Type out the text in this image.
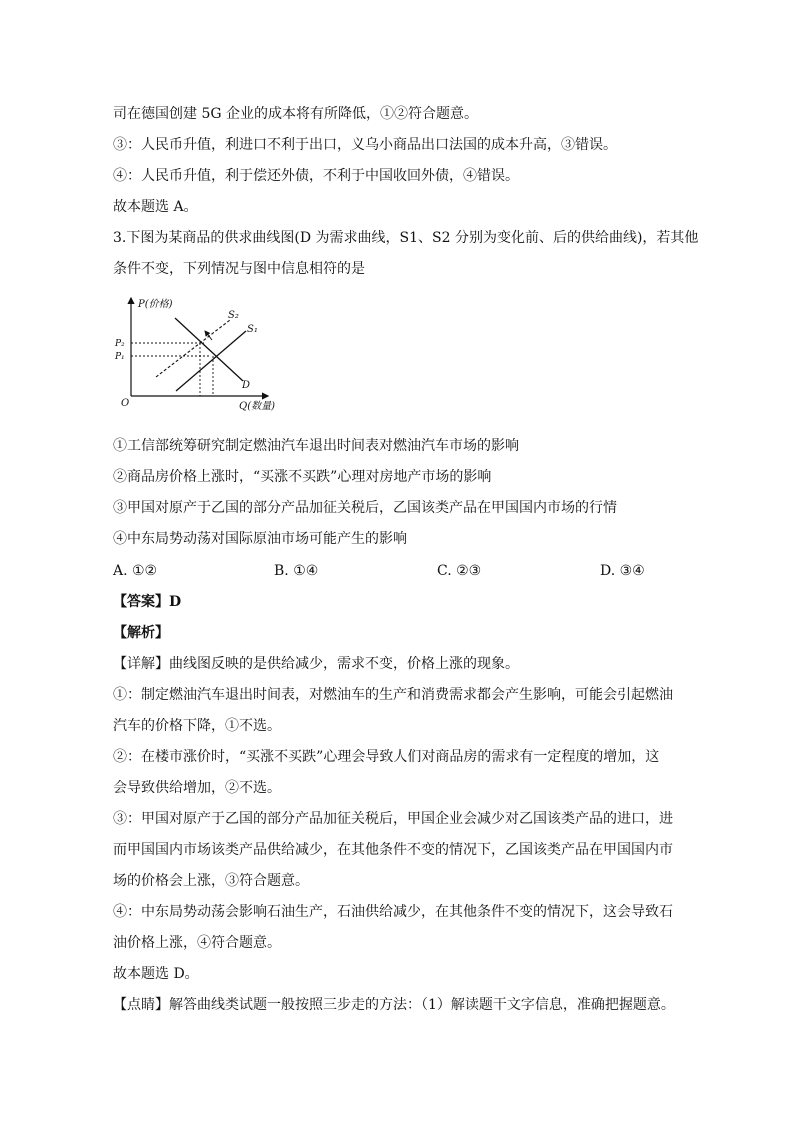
司在德国创建 5G 企业的成本将有所降低，①②符合题意。
③：人民币升值，利进口不利于出口，义乌小商品出口法国的成本升高，③错误。
④：人民币升值，利于偿还外债，不利于中国收回外债，④错误。
故本题选 A。
3.下图为某商品的供求曲线图(D 为需求曲线，S1、S2 分别为变化前、后的供给曲线)，若其他
条件不变，下列情况与图中信息相符的是
P(价格)
Q(数量)
O
P₂
P₁
S₂
S₁
D
①工信部统筹研究制定燃油汽车退出时间表对燃油汽车市场的影响
②商品房价格上涨时，“买涨不买跌”心理对房地产市场的影响
③甲国对原产于乙国的部分产品加征关税后，乙国该类产品在甲国国内市场的行情
④中东局势动荡对国际原油市场可能产生的影响
A. ①②	B. ①④	C. ②③	D. ③④
【答案】D
【解析】
【详解】曲线图反映的是供给减少，需求不变，价格上涨的现象。
①：制定燃油汽车退出时间表，对燃油车的生产和消费需求都会产生影响，可能会引起燃油
汽车的价格下降，①不选。
②：在楼市涨价时，“买涨不买跌”心理会导致人们对商品房的需求有一定程度的增加，这
会导致供给增加，②不选。
③：甲国对原产于乙国的部分产品加征关税后，甲国企业会减少对乙国该类产品的进口，进
而甲国国内市场该类产品供给减少，在其他条件不变的情况下，乙国该类产品在甲国国内市
场的价格会上涨，③符合题意。
④：中东局势动荡会影响石油生产，石油供给减少，在其他条件不变的情况下，这会导致石
油价格上涨，④符合题意。
故本题选 D。
【点睛】解答曲线类试题一般按照三步走的方法：（1）解读题干文字信息，准确把握题意。
